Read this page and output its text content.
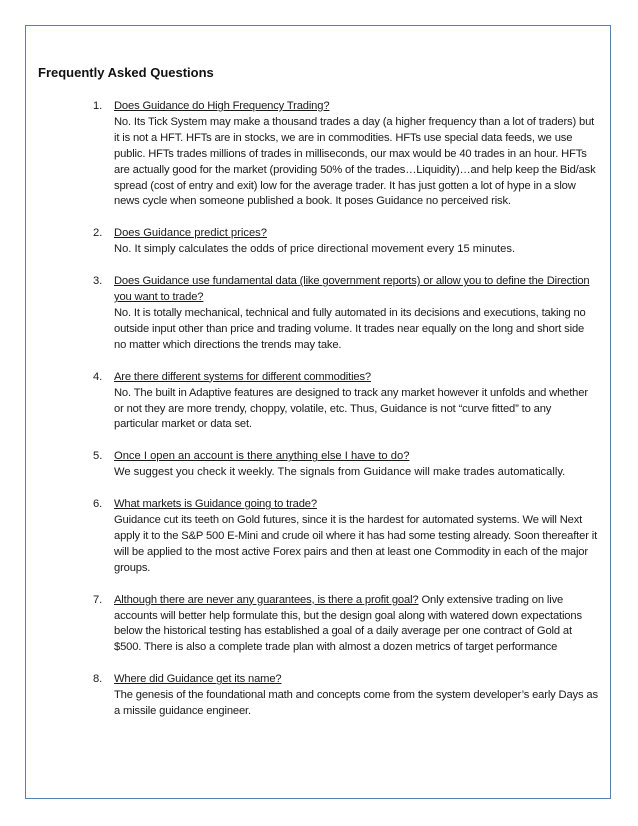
Frequently Asked Questions
1. Does Guidance do High Frequency Trading?
No. Its Tick System may make a thousand trades a day (a higher frequency than a lot of traders) but it is not a HFT. HFTs are in stocks, we are in commodities. HFTs use special data feeds, we use public. HFTs trades millions of trades in milliseconds, our max would be 40 trades in an hour. HFTs are actually good for the market (providing 50% of the trades…Liquidity)…and help keep the Bid/ask spread (cost of entry and exit) low for the average trader. It has just gotten a lot of hype in a slow news cycle when someone published a book. It poses Guidance no perceived risk.
2. Does Guidance predict prices?
No. It simply calculates the odds of price directional movement every 15 minutes.
3. Does Guidance use fundamental data (like government reports) or allow you to define the Direction you want to trade?
No. It is totally mechanical, technical and fully automated in its decisions and executions, taking no outside input other than price and trading volume. It trades near equally on the long and short side no matter which directions the trends may take.
4. Are there different systems for different commodities?
No. The built in Adaptive features are designed to track any market however it unfolds and whether or not they are more trendy, choppy, volatile, etc. Thus, Guidance is not “curve fitted” to any particular market or data set.
5. Once I open an account is there anything else I have to do?
We suggest you check it weekly. The signals from Guidance will make trades automatically.
6. What markets is Guidance going to trade?
Guidance cut its teeth on Gold futures, since it is the hardest for automated systems. We will Next apply it to the S&P 500 E-Mini and crude oil where it has had some testing already. Soon thereafter it will be applied to the most active Forex pairs and then at least one Commodity in each of the major groups.
7. Although there are never any guarantees, is there a profit goal? Only extensive trading on live accounts will better help formulate this, but the design goal along with watered down expectations below the historical testing has established a goal of a daily average per one contract of Gold at $500. There is also a complete trade plan with almost a dozen metrics of target performance
8. Where did Guidance get its name?
The genesis of the foundational math and concepts come from the system developer’s early Days as a missile guidance engineer.
